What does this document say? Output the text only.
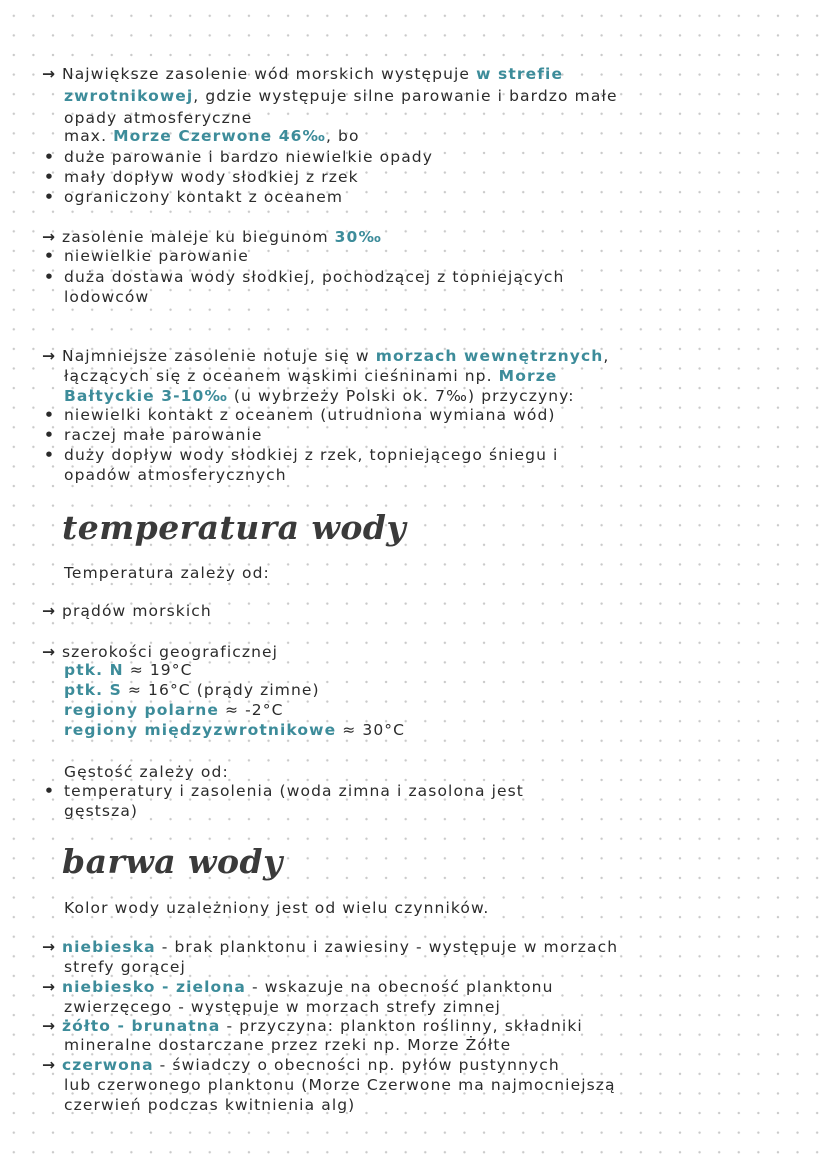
→ Największe zasolenie wód morskich występuje w strefie
zwrotnikowej, gdzie występuje silne parowanie i bardzo małe
opady atmosferyczne
max. Morze Czerwone 46‰, bo
• duże parowanie i bardzo niewielkie opady
• mały dopływ wody słodkiej z rzek
• ograniczony kontakt z oceanem
→ zasolenie maleje ku biegunom 30‰
• niewielkie parowanie
• duża dostawa wody słodkiej, pochodzącej z topniejących
lodowców
→ Najmniejsze zasolenie notuje się w morzach wewnętrznych,
łączących się z oceanem wąskimi cieśninami np. Morze
Bałtyckie 3-10‰ (u wybrzeży Polski ok. 7‰) przyczyny:
• niewielki kontakt z oceanem (utrudniona wymiana wód)
• raczej małe parowanie
• duży dopływ wody słodkiej z rzek, topniejącego śniegu i
opadów atmosferycznych
temperatura wody
Temperatura zależy od:
→ prądów morskich
→ szerokości geograficznej
ptk. N ≈ 19°C
ptk. S ≈ 16°C (prądy zimne)
regiony polarne ≈ -2°C
regiony międzyzwrotnikowe ≈ 30°C
Gęstość zależy od:
• temperatury i zasolenia (woda zimna i zasolona jest
gęstsza)
barwa wody
Kolor wody uzależniony jest od wielu czynników.
→ niebieska - brak planktonu i zawiesiny - występuje w morzach
strefy gorącej
→ niebiesko - zielona - wskazuje na obecność planktonu
zwierzęcego - występuje w morzach strefy zimnej
→ żółto - brunatna - przyczyna: plankton roślinny, składniki
mineralne dostarczane przez rzeki np. Morze Żółte
→ czerwona - świadczy o obecności np. pyłów pustynnych
lub czerwonego planktonu (Morze Czerwone ma najmocniejszą
czerwień podczas kwitnienia alg)
